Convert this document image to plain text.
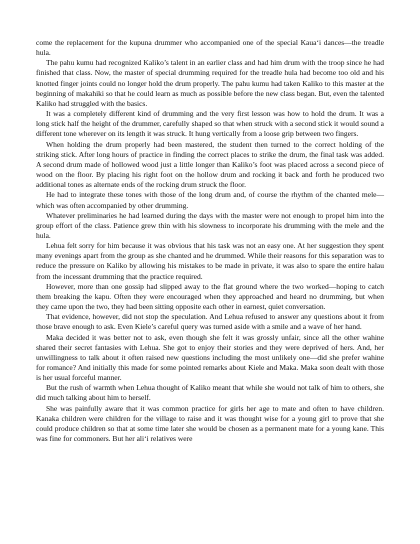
come the replacement for the kupuna drummer who accompanied one of the special Kaua‘i dances—the treadle hula.

The pahu kumu had recognized Kaliko’s talent in an earlier class and had him drum with the troop since he had finished that class. Now, the master of special drumming required for the treadle hula had become too old and his knotted finger joints could no longer hold the drum properly. The pahu kumu had taken Kaliko to this master at the beginning of makahiki so that he could learn as much as possible before the new class began. But, even the talented Kaliko had struggled with the basics.

It was a completely different kind of drumming and the very first lesson was how to hold the drum. It was a long stick half the height of the drummer, carefully shaped so that when struck with a second stick it would sound a different tone wherever on its length it was struck. It hung vertically from a loose grip between two fingers.

When holding the drum properly had been mastered, the student then turned to the correct holding of the striking stick. After long hours of practice in finding the correct places to strike the drum, the final task was added. A second drum made of hollowed wood just a little longer than Kaliko’s foot was placed across a second piece of wood on the floor. By placing his right foot on the hollow drum and rocking it back and forth he produced two additional tones as alternate ends of the rocking drum struck the floor.

He had to integrate these tones with those of the long drum and, of course the rhythm of the chanted mele—which was often accompanied by other drumming.

Whatever preliminaries he had learned during the days with the master were not enough to propel him into the group effort of the class. Patience grew thin with his slowness to incorporate his drumming with the mele and the hula.

Lehua felt sorry for him because it was obvious that his task was not an easy one. At her suggestion they spent many evenings apart from the group as she chanted and he drummed. While their reasons for this separation was to reduce the pressure on Kaliko by allowing his mistakes to be made in private, it was also to spare the entire halau from the incessant drumming that the practice required.

However, more than one gossip had slipped away to the flat ground where the two worked—hoping to catch them breaking the kapu. Often they were encouraged when they approached and heard no drumming, but when they came upon the two, they had been sitting opposite each other in earnest, quiet conversation.

That evidence, however, did not stop the speculation. And Lehua refused to answer any questions about it from those brave enough to ask. Even Kiele’s careful query was turned aside with a smile and a wave of her hand.

Maka decided it was better not to ask, even though she felt it was grossly unfair, since all the other wahine shared their secret fantasies with Lehua. She got to enjoy their stories and they were deprived of hers. And, her unwillingness to talk about it often raised new questions including the most unlikely one—did she prefer wahine for romance? And initially this made for some pointed remarks about Kiele and Maka. Maka soon dealt with those is her usual forceful manner.

But the rush of warmth when Lehua thought of Kaliko meant that while she would not talk of him to others, she did much talking about him to herself.

She was painfully aware that it was common practice for girls her age to mate and often to have children. Kanaka children were children for the village to raise and it was thought wise for a young girl to prove that she could produce children so that at some time later she would be chosen as a permanent mate for a young kane. This was fine for commoners. But her ali‘i relatives were
